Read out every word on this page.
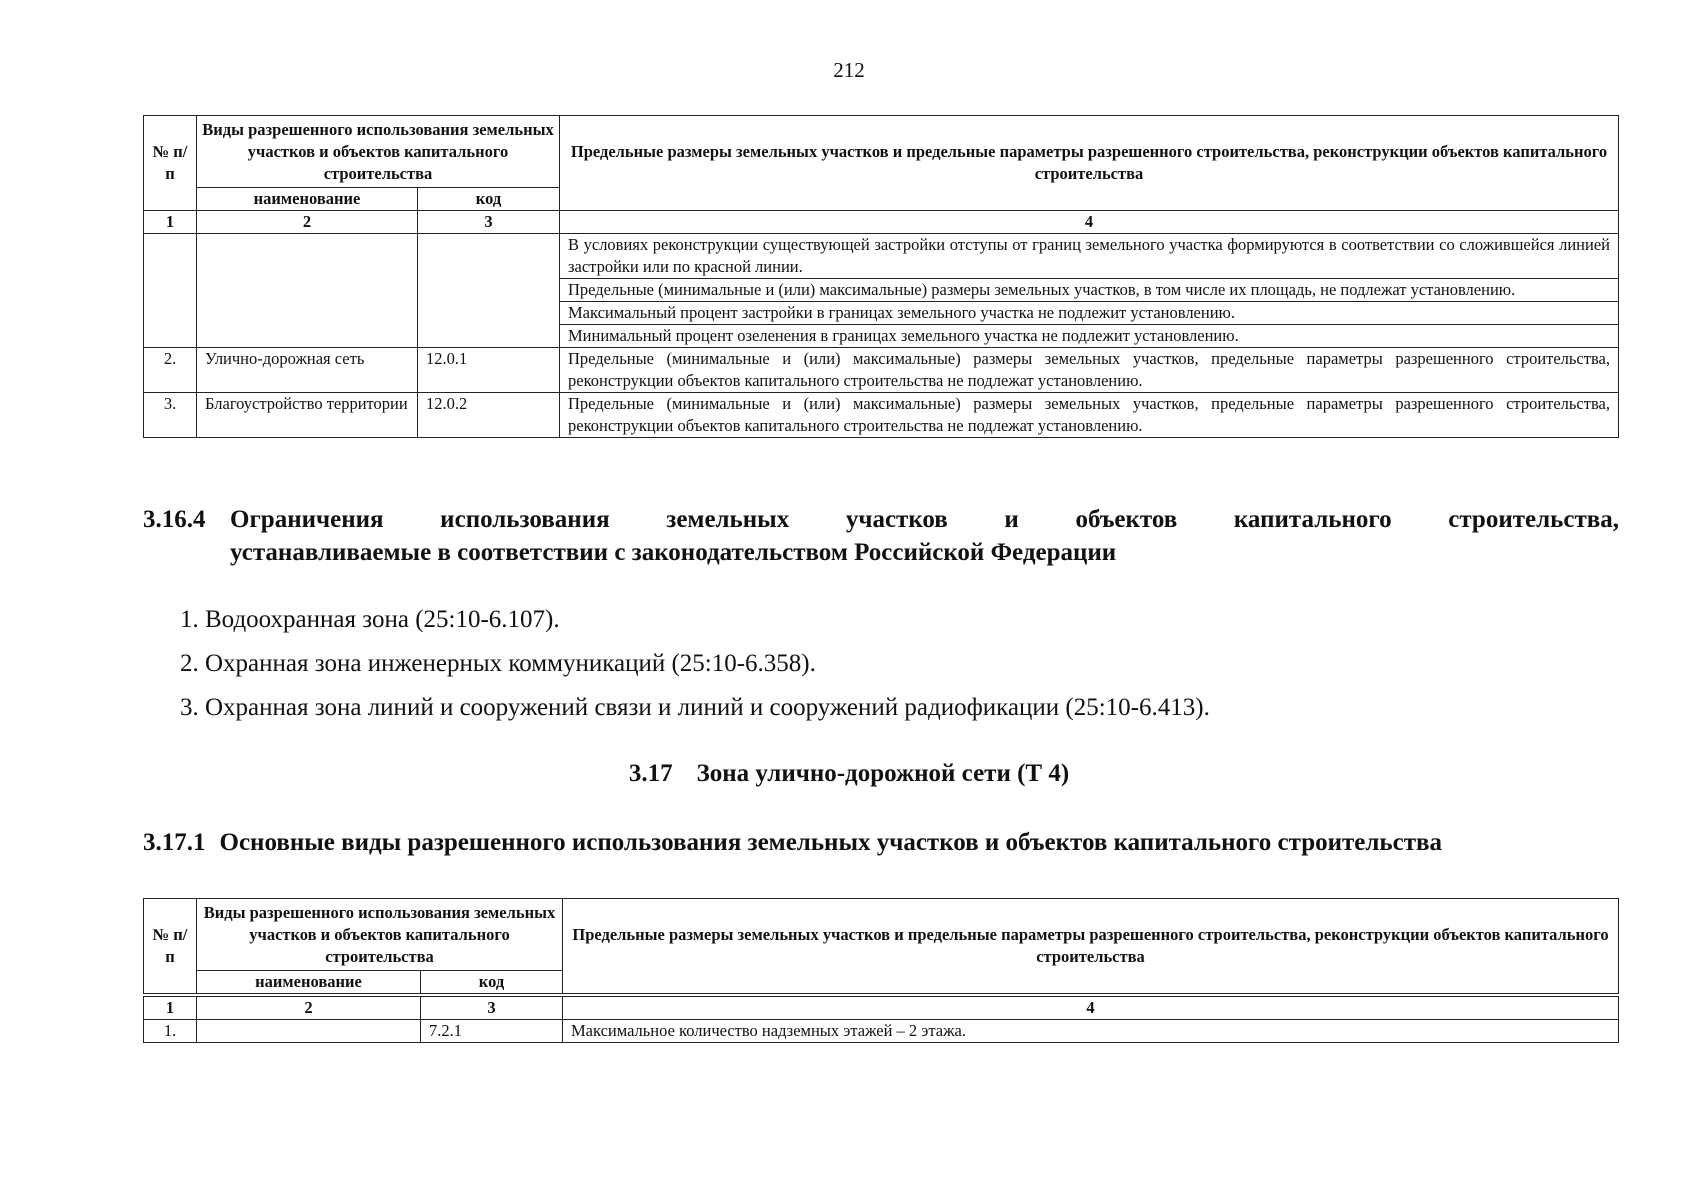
212
№ п/п	Виды разрешенного использования земельных участков и объектов капитального строительства		Предельные размеры земельных участков и предельные параметры разрешенного строительства, реконструкции объектов капитального строительства
	наименование	код	
1	2	3	4
			В условиях реконструкции существующей застройки отступы от границ земельного участка формируются в соответствии со сложившейся линией застройки или по красной линии.
			Предельные (минимальные и (или) максимальные) размеры земельных участков, в том числе их площадь, не подлежат установлению.
			Максимальный процент застройки в границах земельного участка не подлежит установлению.
			Минимальный процент озеленения в границах земельного участка не подлежит установлению.
2.	Улично-дорожная сеть	12.0.1	Предельные (минимальные и (или) максимальные) размеры земельных участков, предельные параметры разрешенного строительства, реконструкции объектов капитального строительства не подлежат установлению.
3.	Благоустройство территории	12.0.2	Предельные (минимальные и (или) максимальные) размеры земельных участков, предельные параметры разрешенного строительства, реконструкции объектов капитального строительства не подлежат установлению.
3.16.4 Ограничения использования земельных участков и объектов капитального строительства,
устанавливаемые в соответствии с законодательством Российской Федерации
1. Водоохранная зона (25:10-6.107).
2. Охранная зона инженерных коммуникаций (25:10-6.358).
3. Охранная зона линий и сооружений связи и линий и сооружений радиофикации (25:10-6.413).
3.17 Зона улично-дорожной сети (Т 4)
3.17.1 Основные виды разрешенного использования земельных участков и объектов капитального строительства
№ п/п	Виды разрешенного использования земельных участков и объектов капитального строительства		Предельные размеры земельных участков и предельные параметры разрешенного строительства, реконструкции объектов капитального строительства
	наименование	код	

1	2	3	4
1.		7.2.1	Максимальное количество надземных этажей – 2 этажа.
